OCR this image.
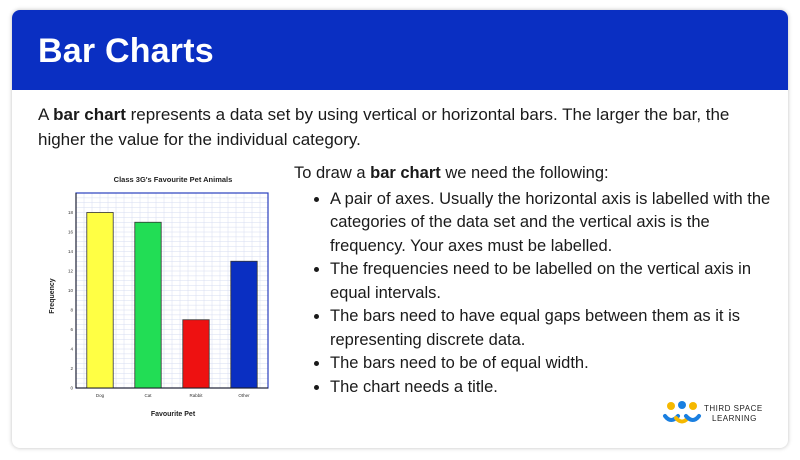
Bar Charts
A bar chart represents a data set by using vertical or horizontal bars. The larger the bar, the higher the value for the individual category.
Class 3G's Favourite Pet Animals
0
2
4
6
8
10
12
14
16
18
Dog	Cat	Rabbit	Other
Frequency
Favourite Pet
To draw a bar chart we need the following:
• A pair of axes. Usually the horizontal axis is labelled with the categories of the data set and the vertical axis is the frequency. Your axes must be labelled.
• The frequencies need to be labelled on the vertical axis in equal intervals.
• The bars need to have equal gaps between them as it is representing discrete data.
• The bars need to be of equal width.
• The chart needs a title.
THIRD SPACE
LEARNING
